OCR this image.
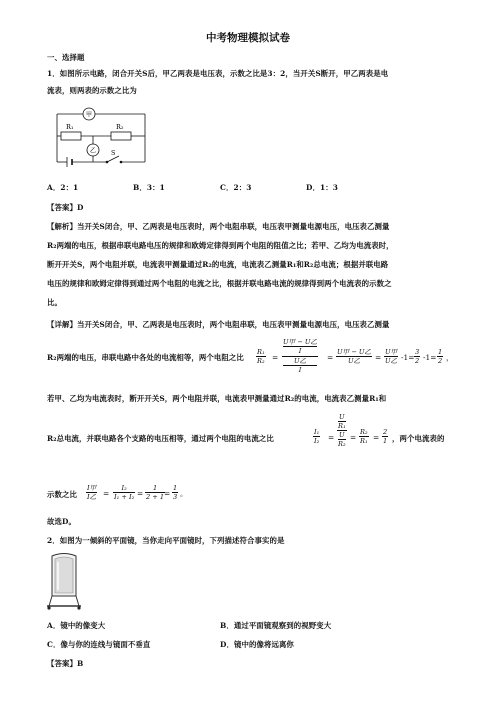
中考物理模拟试卷
一、选择题
1．如图所示电路，闭合开关S后，甲乙两表是电压表，示数之比是3：2，当开关S断开，甲乙两表是电
流表，则两表的示数之比为
甲
乙
R₁	R₂
S
A．2：1	B．3：1	C．2：3	D．1：3
【答案】D
【解析】当开关S闭合，甲、乙两表是电压表时，两个电阻串联，电压表甲测量电源电压，电压表乙测量
R₂两端的电压，根据串联电路电压的规律和欧姆定律得到两个电阻的阻值之比；若甲、乙均为电流表时，
断开开关S，两个电阻并联，电流表甲测量通过R₂的电流，电流表乙测量R₁和R₂总电流；根据并联电路
电压的规律和欧姆定律得到通过两个电阻的电流之比，根据并联电路电流的规律得到两个电流表的示数之
比。
【详解】当开关S闭合，甲、乙两表是电压表时，两个电阻串联，电压表甲测量电源电压，电压表乙测量
R₂两端的电压，串联电路中各处的电流相等，两个电阻之比 $\frac{\text{R₁}}{\text{R₂}}$ =
U甲 − U乙
I
U乙
I
=
U甲 − U乙
U乙	=
U甲
U乙 $-1= \frac{3}{2} -1= \frac{1}{2}$ ，
若甲、乙均为电流表时，断开开关S，两个电阻并联，电流表甲测量通过R₂的电流，电流表乙测量R₁和
R₂总电流，并联电路各个支路的电压相等，通过两个电阻的电流之比	$\frac{\text{I₁}}{\text{I₂}} = U$
R₁
U
$R_2 = \frac{\text{R₂}}{\text{R₁}} = \frac{2}{1}$ ，两个电流表的
示数之比
I甲
I乙 = $\frac{\text{I₂}}{\text{I₁ + I₂}} = \frac{1}{2 + 1}$
= $\frac{1}{3}$ 。
故选D。
2．如图为一倾斜的平面镜，当你走向平面镜时，下列描述符合事实的是
A．镜中的像变大	B．通过平面镜观察到的视野变大
C．像与你的连线与镜面不垂直	D．镜中的像将远离你
【答案】B
